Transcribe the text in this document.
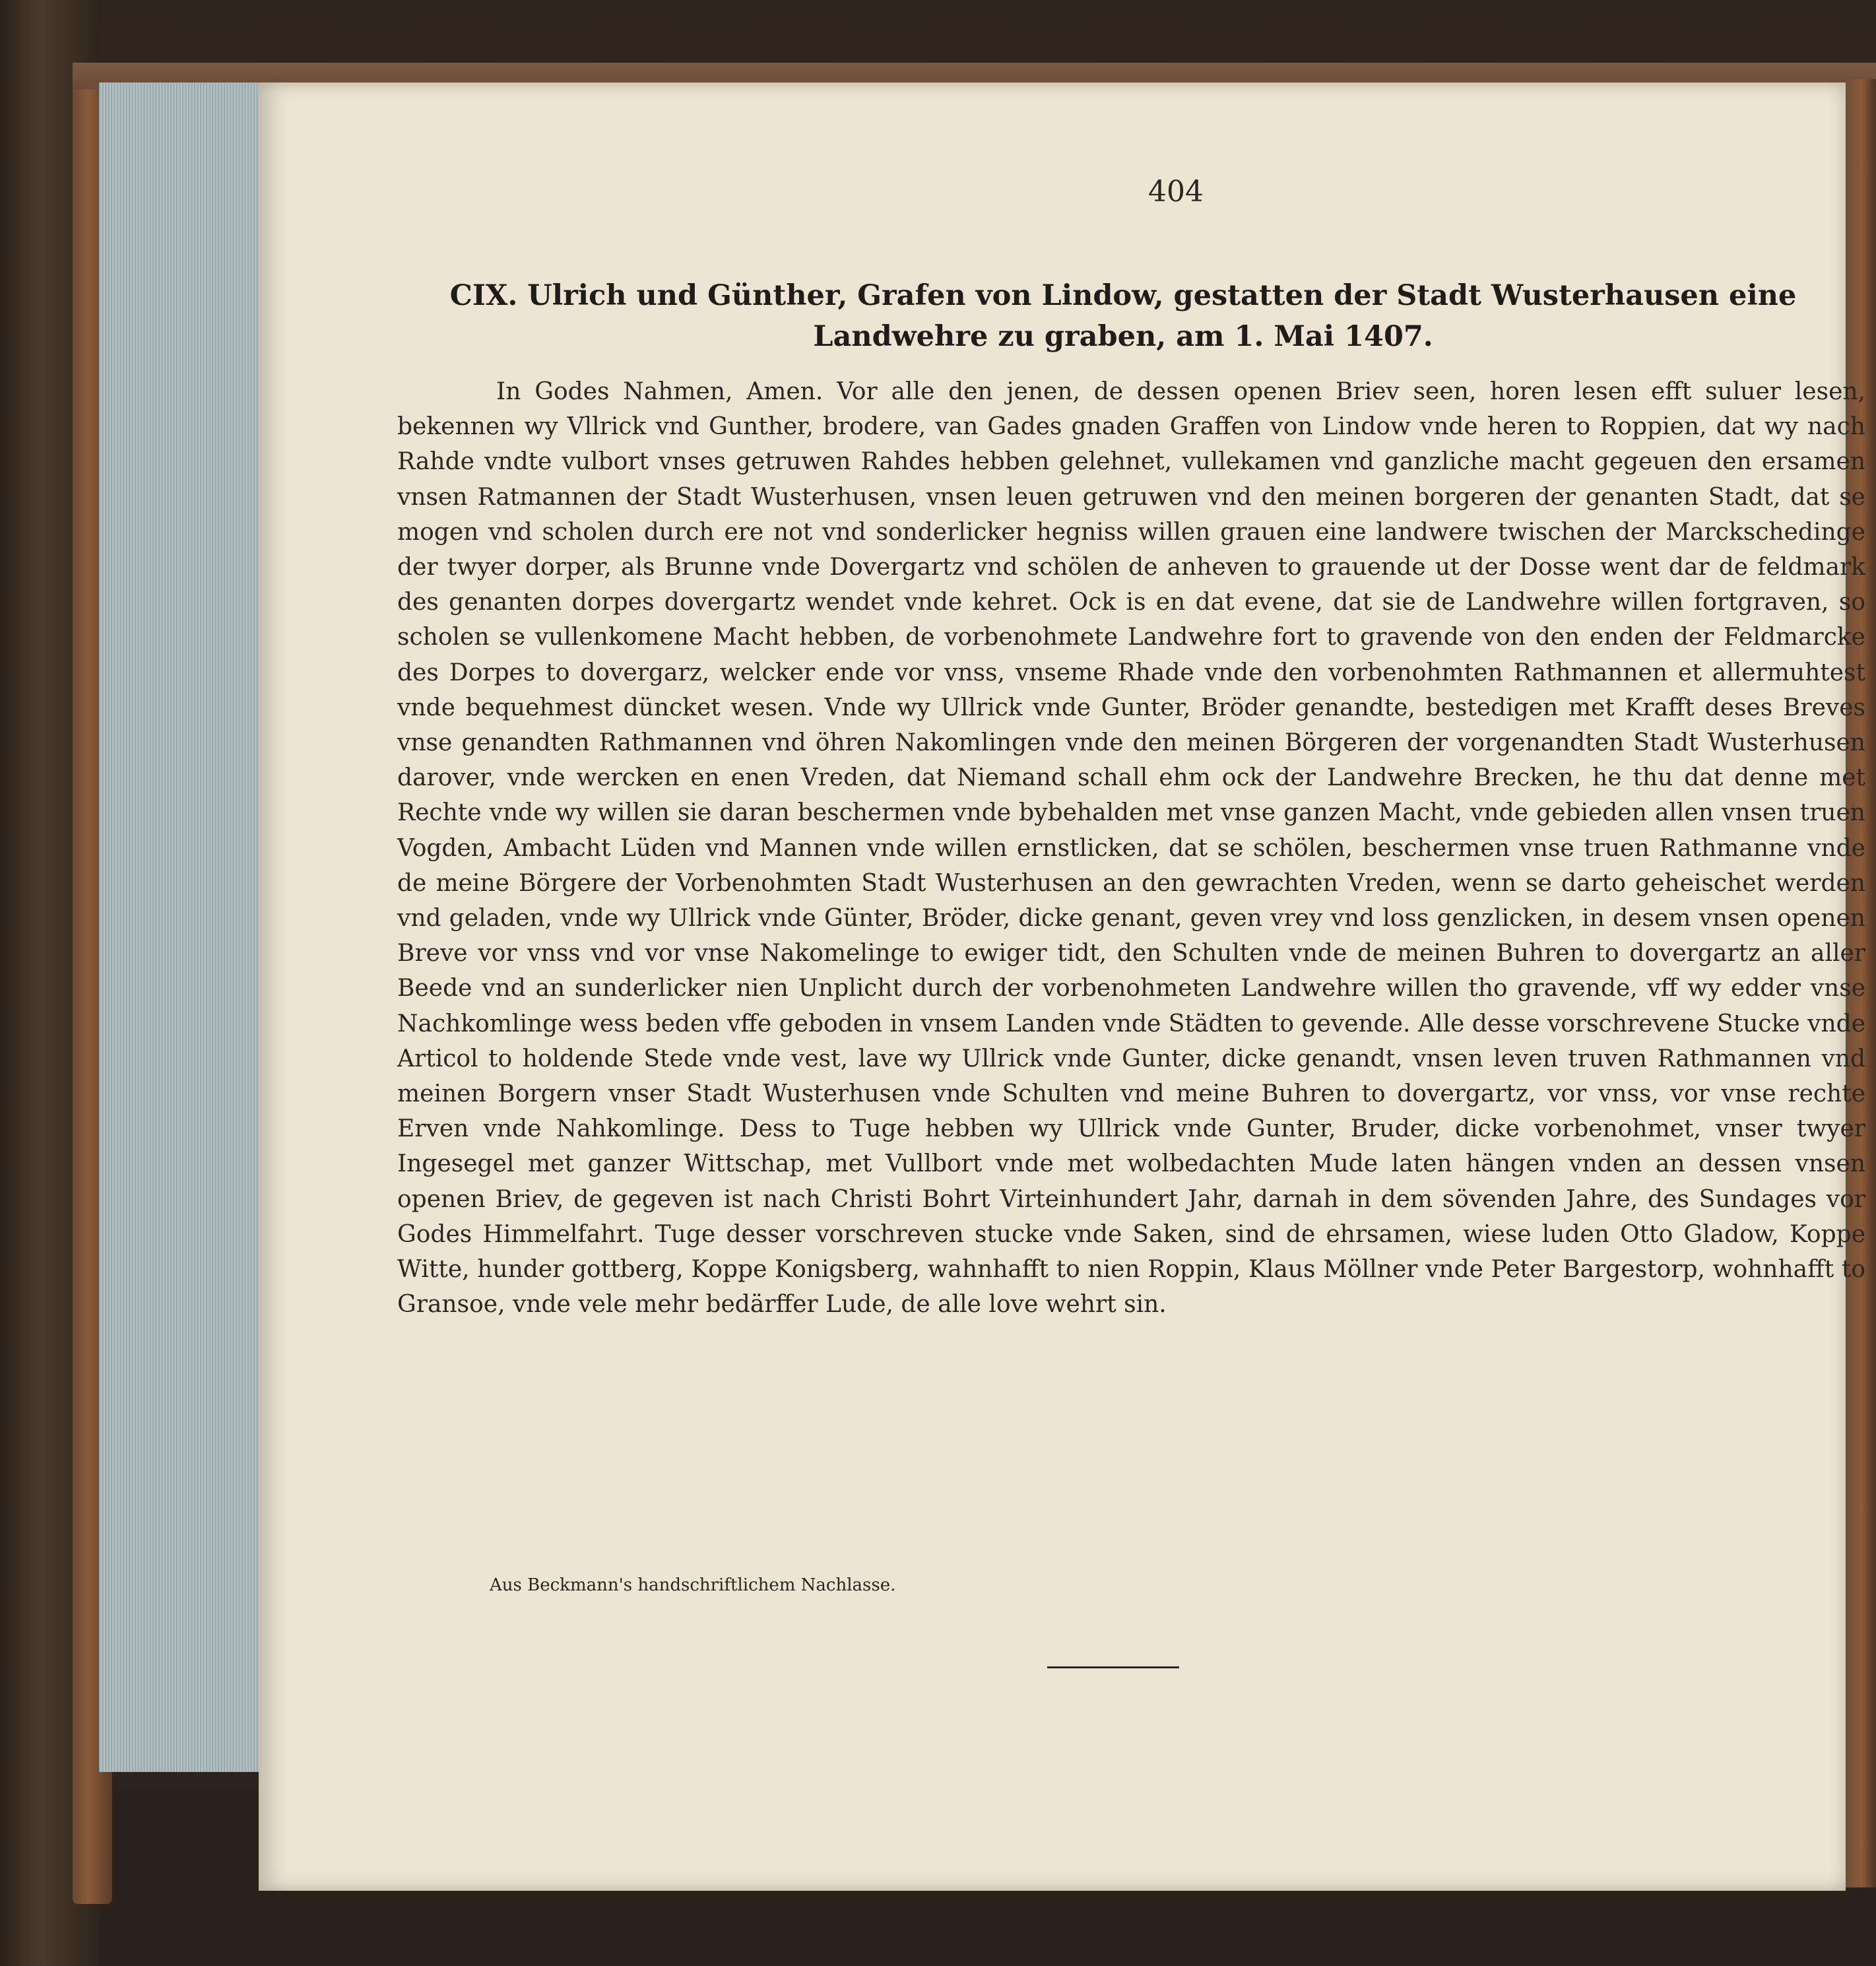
404
CIX. Ulrich und Günther, Grafen von Lindow, gestatten der Stadt Wusterhausen eine Landwehre zu graben, am 1. Mai 1407.
In Godes Nahmen, Amen. Vor alle den jenen, de dessen openen Briev seen, horen lesen efft suluer lesen, bekennen wy Vllrick vnd Gunther, brodere, van Gades gnaden Graffen von Lindow vnde heren to Roppien, dat wy nach Rahde vndte vulbort vnses getruwen Rahdes hebben gelehnet, vullekamen vnd ganzliche macht gegeuen den ersamen vnsen Ratmannen der Stadt Wusterhusen, vnsen leuen getruwen vnd den meinen borgeren der genanten Stadt, dat se mogen vnd scholen durch ere not vnd sonderlicker hegniss willen grauen eine landwere twischen der Marckschedinge der twyer dorper, als Brunne vnde Dovergartz vnd schölen de anheven to grauende ut der Dosse went dar de feldmark des genanten dorpes dovergartz wendet vnde kehret. Ock is en dat evene, dat sie de Landwehre willen fortgraven, so scholen se vullenkomene Macht hebben, de vorbenohmete Landwehre fort to gravende von den enden der Feldmarcke des Dorpes to dovergarz, welcker ende vor vnss, vnseme Rhade vnde den vorbenohmten Rathmannen et allermuhtest vnde bequehmest düncket wesen. Vnde wy Ullrick vnde Gunter, Bröder genandte, bestedigen met Krafft deses Breves vnse genandten Rathmannen vnd öhren Nakomlingen vnde den meinen Börgeren der vorgenandten Stadt Wusterhusen darover, vnde wercken en enen Vreden, dat Niemand schall ehm ock der Landwehre Brecken, he thu dat denne met Rechte vnde wy willen sie daran beschermen vnde bybehalden met vnse ganzen Macht, vnde gebieden allen vnsen truen Vogden, Ambacht Lüden vnd Mannen vnde willen ernstlicken, dat se schölen, beschermen vnse truen Rathmanne vnde de meine Börgere der Vorbenohmten Stadt Wusterhusen an den gewrachten Vreden, wenn se darto geheischet werden vnd geladen, vnde wy Ullrick vnde Günter, Bröder, dicke genant, geven vrey vnd loss genzlicken, in desem vnsen openen Breve vor vnss vnd vor vnse Nakomelinge to ewiger tidt, den Schulten vnde de meinen Buhren to dovergartz an aller Beede vnd an sunderlicker nien Unplicht durch der vorbenohmeten Landwehre willen tho gravende, vff wy edder vnse Nachkomlinge wess beden vffe geboden in vnsem Landen vnde Städten to gevende. Alle desse vorschrevene Stucke vnde Articol to holdende Stede vnde vest, lave wy Ullrick vnde Gunter, dicke genandt, vnsen leven truven Rathmannen vnd meinen Borgern vnser Stadt Wusterhusen vnde Schulten vnd meine Buhren to dovergartz, vor vnss, vor vnse rechte Erven vnde Nahkomlinge. Dess to Tuge hebben wy Ullrick vnde Gunter, Bruder, dicke vorbenohmet, vnser twyer Ingesegel met ganzer Wittschap, met Vullbort vnde met wolbedachten Mude laten hängen vnden an dessen vnsen openen Briev, de gegeven ist nach Christi Bohrt Virteinhundert Jahr, darnah in dem sövenden Jahre, des Sundages vor Godes Himmelfahrt. Tuge desser vorschreven stucke vnde Saken, sind de ehrsamen, wiese luden Otto Gladow, Koppe Witte, hunder gottberg, Koppe Konigsberg, wahnhafft to nien Roppin, Klaus Möllner vnde Peter Bargestorp, wohnhafft to Gransoe, vnde vele mehr bedärffer Lude, de alle love wehrt sin.
Aus Beckmann's handschriftlichem Nachlasse.
